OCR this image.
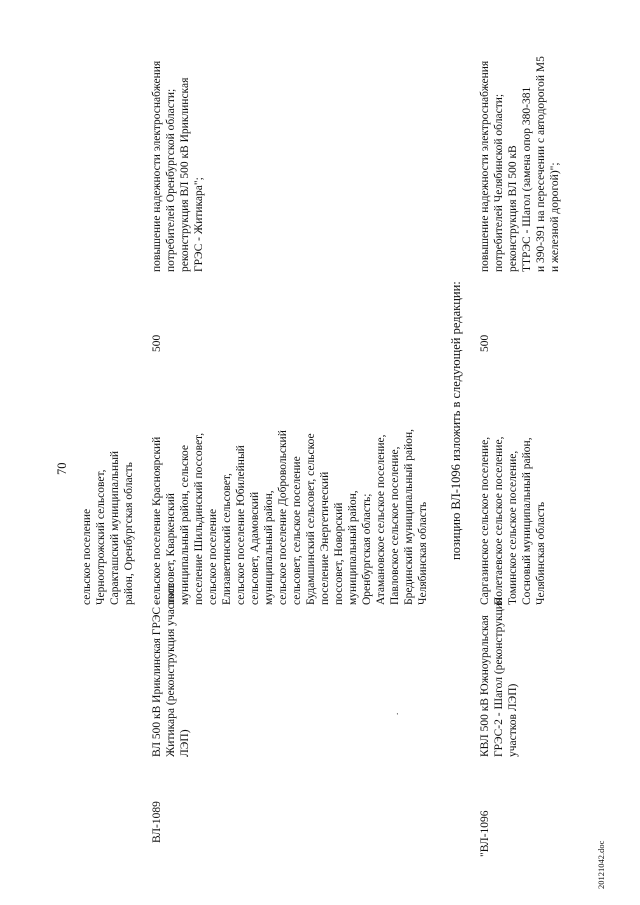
70
сельское поселение Черноотрожский сельсовет, Саракташский муниципальный район, Оренбургская область
ВЛ-1089
ВЛ 500 кВ Ириклинская ГРЭС - Житикара (реконструкция участков ЛЭП)
.
сельское поселение Красноярский поссовет, Кваркенский муниципальный район, сельское поселение Шильдинский поссовет, сельское поселение Елизаветинский сельсовет, сельское поселение Юбилейный сельсовет, Адамовский муниципальный район, сельское поселение Добровольский сельсовет, сельское поселение Будамшинский сельсовет, сельское поселение Энергетический поссовет, Новорский муниципальный район, Оренбургская область; Атамановское сельское поселение, Павловское сельское поселение, Брединский муниципальный район, Челябинская область
500
повышение надежности электроснабжения потребителей Оренбургской области; реконструкция ВЛ 500 кВ Ириклинская ГРЭС - Житикара";
позицию ВЛ-1096 изложить в следующей редакции:
"ВЛ-1096
КВЛ 500 кВ Южноуральская ГРЭС-2 - Шагол (реконструкция участков ЛЭП)
Саргазинское сельское поселение, Полетаевское сельское поселение, Томинское сельское поселение, Сосновый муниципальный район, Челябинская область
500
повышение надежности электроснабжения потребителей Челябинской области; реконструкция ВЛ 500 кВ ТТРЭС - Шагол (замена опор 380-381 и 390-391 на пересечении с автодорогой М5 и железной дорогой)";
20121042.doc
